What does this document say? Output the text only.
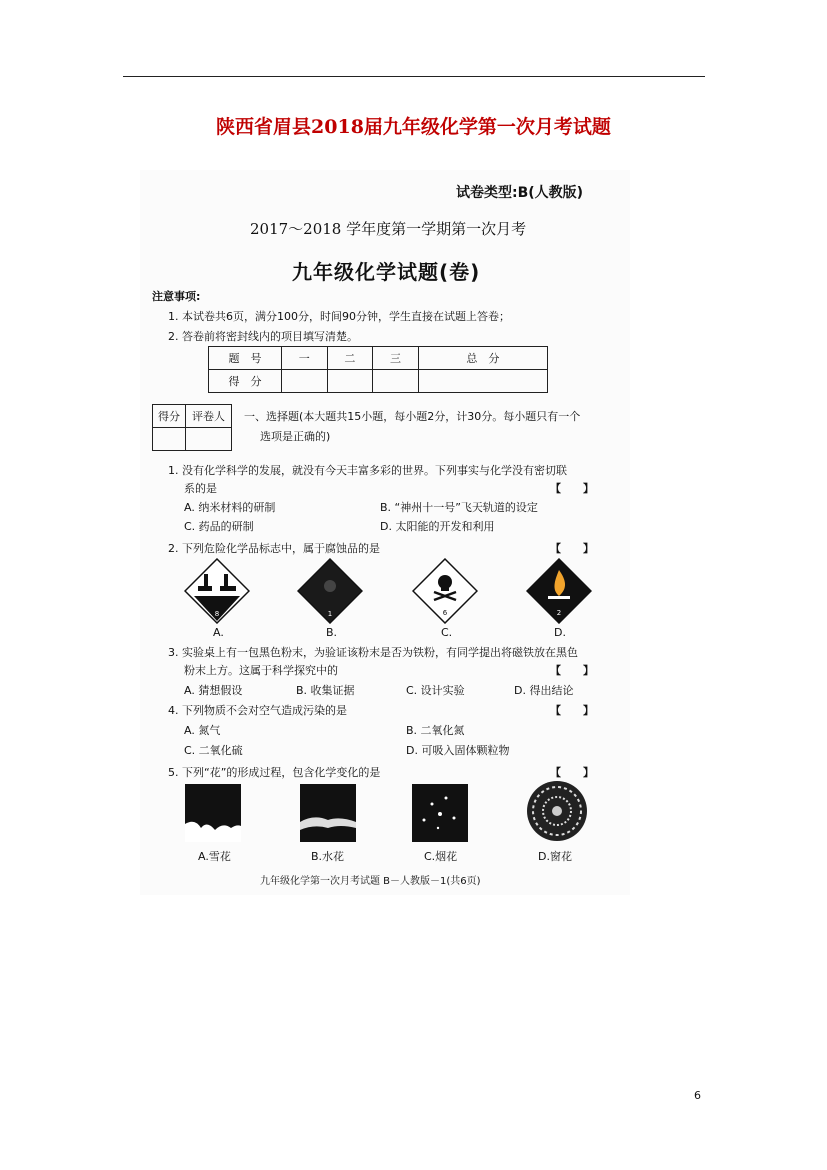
陕西省眉县2018届九年级化学第一次月考试题
试卷类型:B(人教版)
2017～2018 学年度第一学期第一次月考
九年级化学试题(卷)
注意事项:
1. 本试卷共6页，满分100分，时间90分钟，学生直接在试题上答卷；
2. 答卷前将密封线内的项目填写清楚。
题　号	一	二	三	总　分
得　分				
得分	评卷人
	一、选择题(本大题共15小题，每小题2分，计30分。每小题只有一个
选项是正确的)
1. 没有化学科学的发展，就没有今天丰富多彩的世界。下列事实与化学没有密切联
系的是	【　　】
A. 纳米材料的研制	B. “神州十一号”飞天轨道的设定
C. 药品的研制	D. 太阳能的开发和利用
2. 下列危险化学品标志中，属于腐蚀品的是	【　　】
8
A.
1
B.
6
C.
2
D.
3. 实验桌上有一包黑色粉末，为验证该粉末是否为铁粉，有同学提出将磁铁放在黑色
粉末上方。这属于科学探究中的	【　　】
A. 猜想假设	B. 收集证据	C. 设计实验	D. 得出结论
4. 下列物质不会对空气造成污染的是	【　　】
A. 氮气	B. 二氧化氮
C. 二氧化硫	D. 可吸入固体颗粒物
5. 下列“花”的形成过程，包含化学变化的是	【　　】
A.雪花	B.水花	C.烟花	D.窗花
九年级化学第一次月考试题 B－人教版－1(共6页)
6
